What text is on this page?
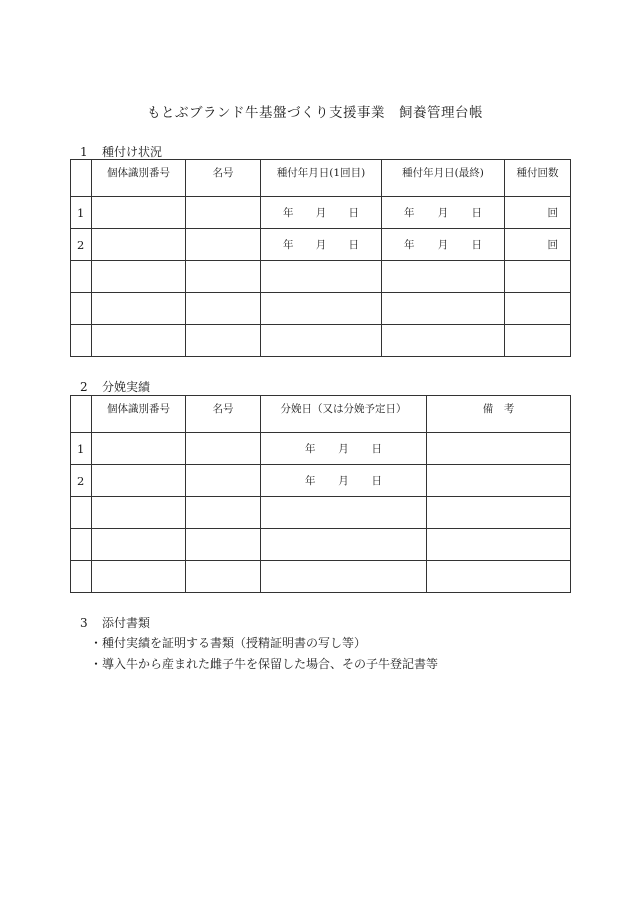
もとぶブランド牛基盤づくり支援事業　飼養管理台帳
1 種付け状況
	個体識別番号	名号	種付年月日(1回目)	種付年月日(最終)	種付回数
1			年 月 日	年 月 日	回
2			年 月 日	年 月 日	回

2 分娩実績
	個体識別番号	名号	分娩日（又は分娩予定日）	備　考
1			年 月 日	

2			年 月 日	

3 添付書類
・種付実績を証明する書類（授精証明書の写し等）
・導入牛から産まれた雌子牛を保留した場合、その子牛登記書等
